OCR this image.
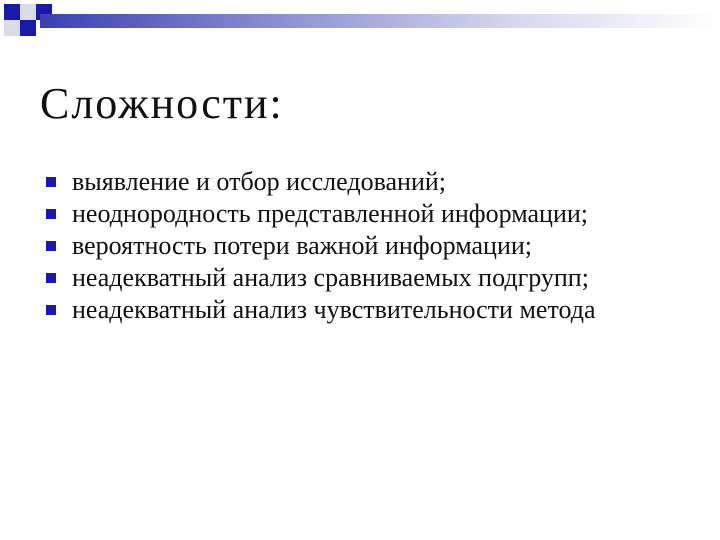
Сложности:
выявление и отбор исследований;
неоднородность представленной информации;
вероятность потери важной информации;
неадекватный анализ сравниваемых подгрупп;
неадекватный анализ чувствительности метода
